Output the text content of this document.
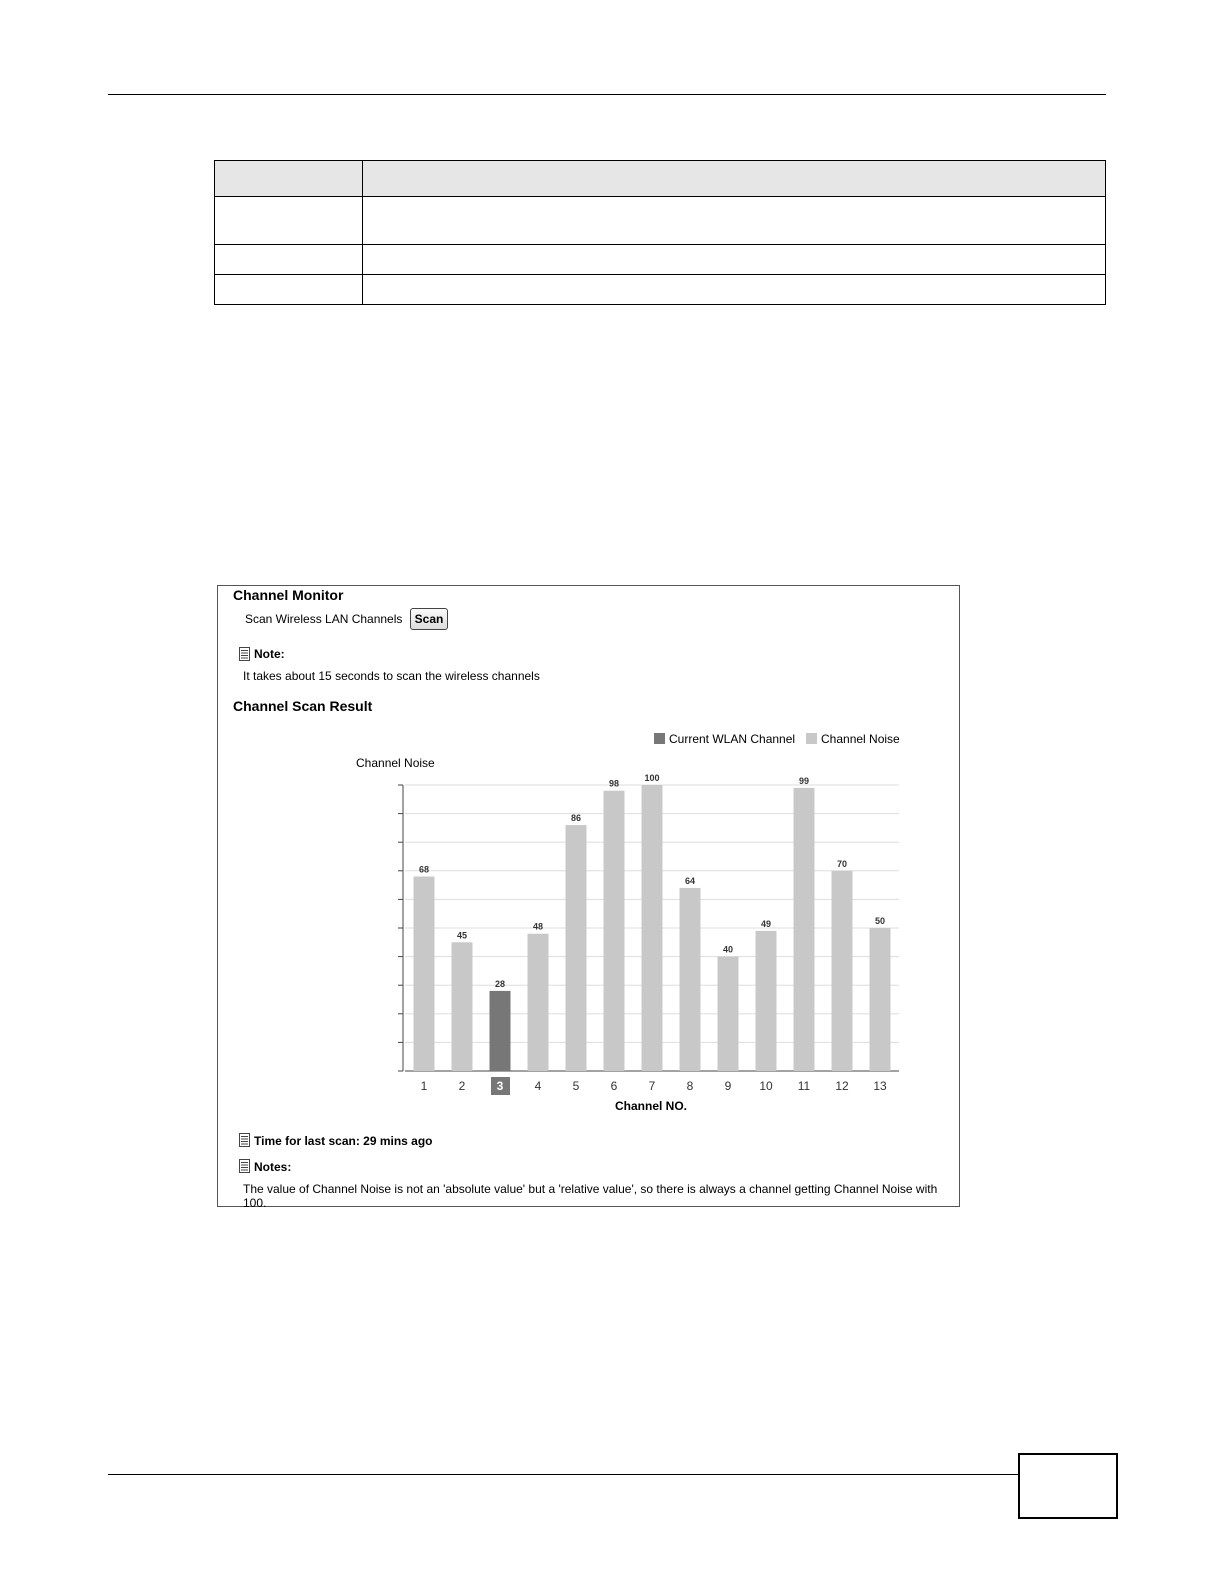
Channel Monitor
Scan Wireless LAN Channels	Scan
Note:
It takes about 15 seconds to scan the wireless channels
Channel Scan Result
Current WLAN Channel	Channel Noise
Channel Noise
Channel NO.
68
1
45
2
28
3
48
4
86
5
98
6
100
7
64
8
40
9
49
10
99
11
70
12
50
13
Time for last scan: 29 mins ago
Notes:
The value of Channel Noise is not an 'absolute value' but a 'relative value', so there is always a channel getting Channel Noise with 100.
